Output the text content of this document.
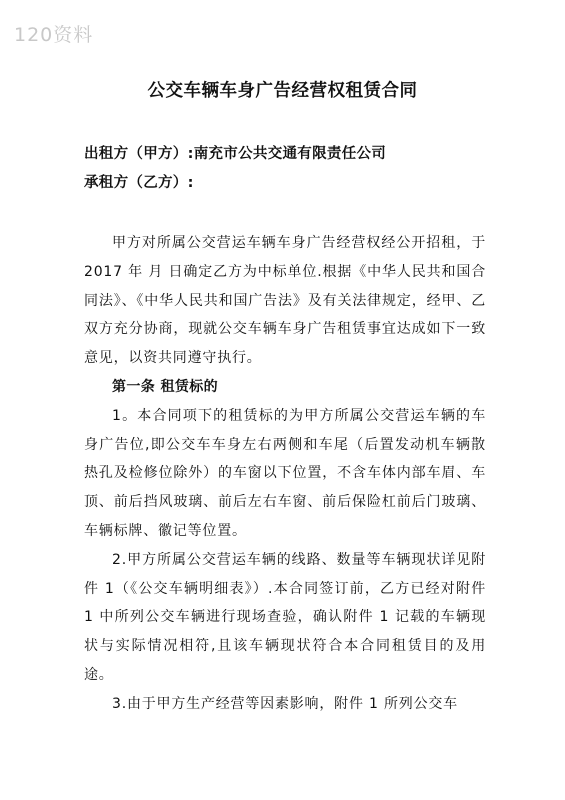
120资料
公交车辆车身广告经营权租赁合同
出租方（甲方）:南充市公共交通有限责任公司
承租方（乙方）:

甲方对所属公交营运车辆车身广告经营权经公开招租，于 2017 年 月 日确定乙方为中标单位.根据《中华人民共和国合同法》、《中华人民共和国广告法》及有关法律规定，经甲、乙双方充分协商，现就公交车辆车身广告租赁事宜达成如下一致意见，以资共同遵守执行。

第一条 租赁标的

1。本合同项下的租赁标的为甲方所属公交营运车辆的车身广告位,即公交车车身左右两侧和车尾（后置发动机车辆散热孔及检修位除外）的车窗以下位置，不含车体内部车眉、车顶、前后挡风玻璃、前后左右车窗、前后保险杠前后门玻璃、车辆标牌、徽记等位置。

2.甲方所属公交营运车辆的线路、数量等车辆现状详见附件 1（《公交车辆明细表》）.本合同签订前，乙方已经对附件 1 中所列公交车辆进行现场查验，确认附件 1 记载的车辆现状与实际情况相符,且该车辆现状符合本合同租赁目的及用途。

3.由于甲方生产经营等因素影响，附件 1 所列公交车
